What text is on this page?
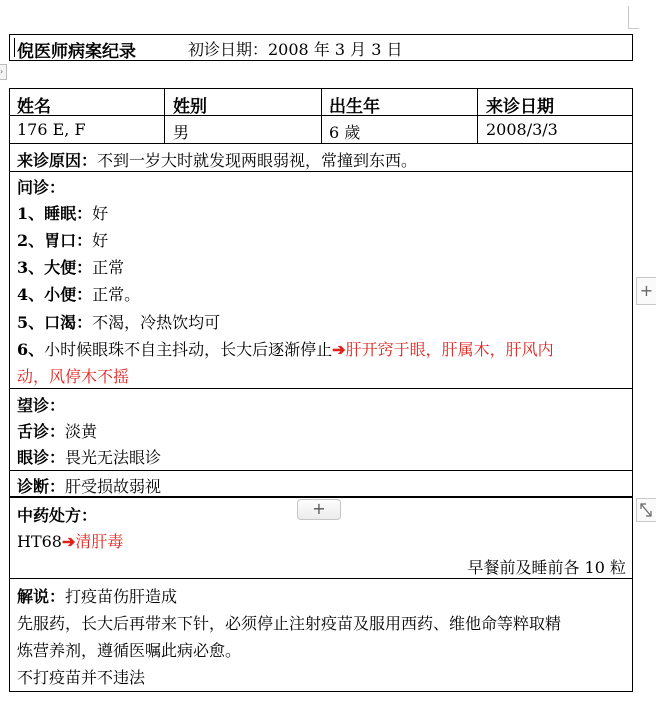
倪医师病案纪录	初诊日期：2008 年 3 月 3 日
›
姓名	姓别	出生年	来诊日期
176 E, F	男	6 歲	2008/3/3
来诊原因：不到一岁大时就发现两眼弱视，常撞到东西。
问诊：
1、睡眠：好
2、胃口：好
3、大便：正常
4、小便：正常。
5、口渴：不渴，冷热饮均可
6、小时候眼珠不自主抖动，长大后逐渐停止➔肝开窍于眼，肝属木，肝风内
动，风停木不摇
望诊：
舌诊：淡黄
眼诊：畏光无法眼诊
诊断：肝受损故弱视
+
中药处方：
HT68➔清肝毒
早餐前及睡前各 10 粒
解说：打疫苗伤肝造成
先服药，长大后再带来下针，必须停止注射疫苗及服用西药、维他命等粹取精
炼营养剂，遵循医嘱此病必愈。
不打疫苗并不违法
+
